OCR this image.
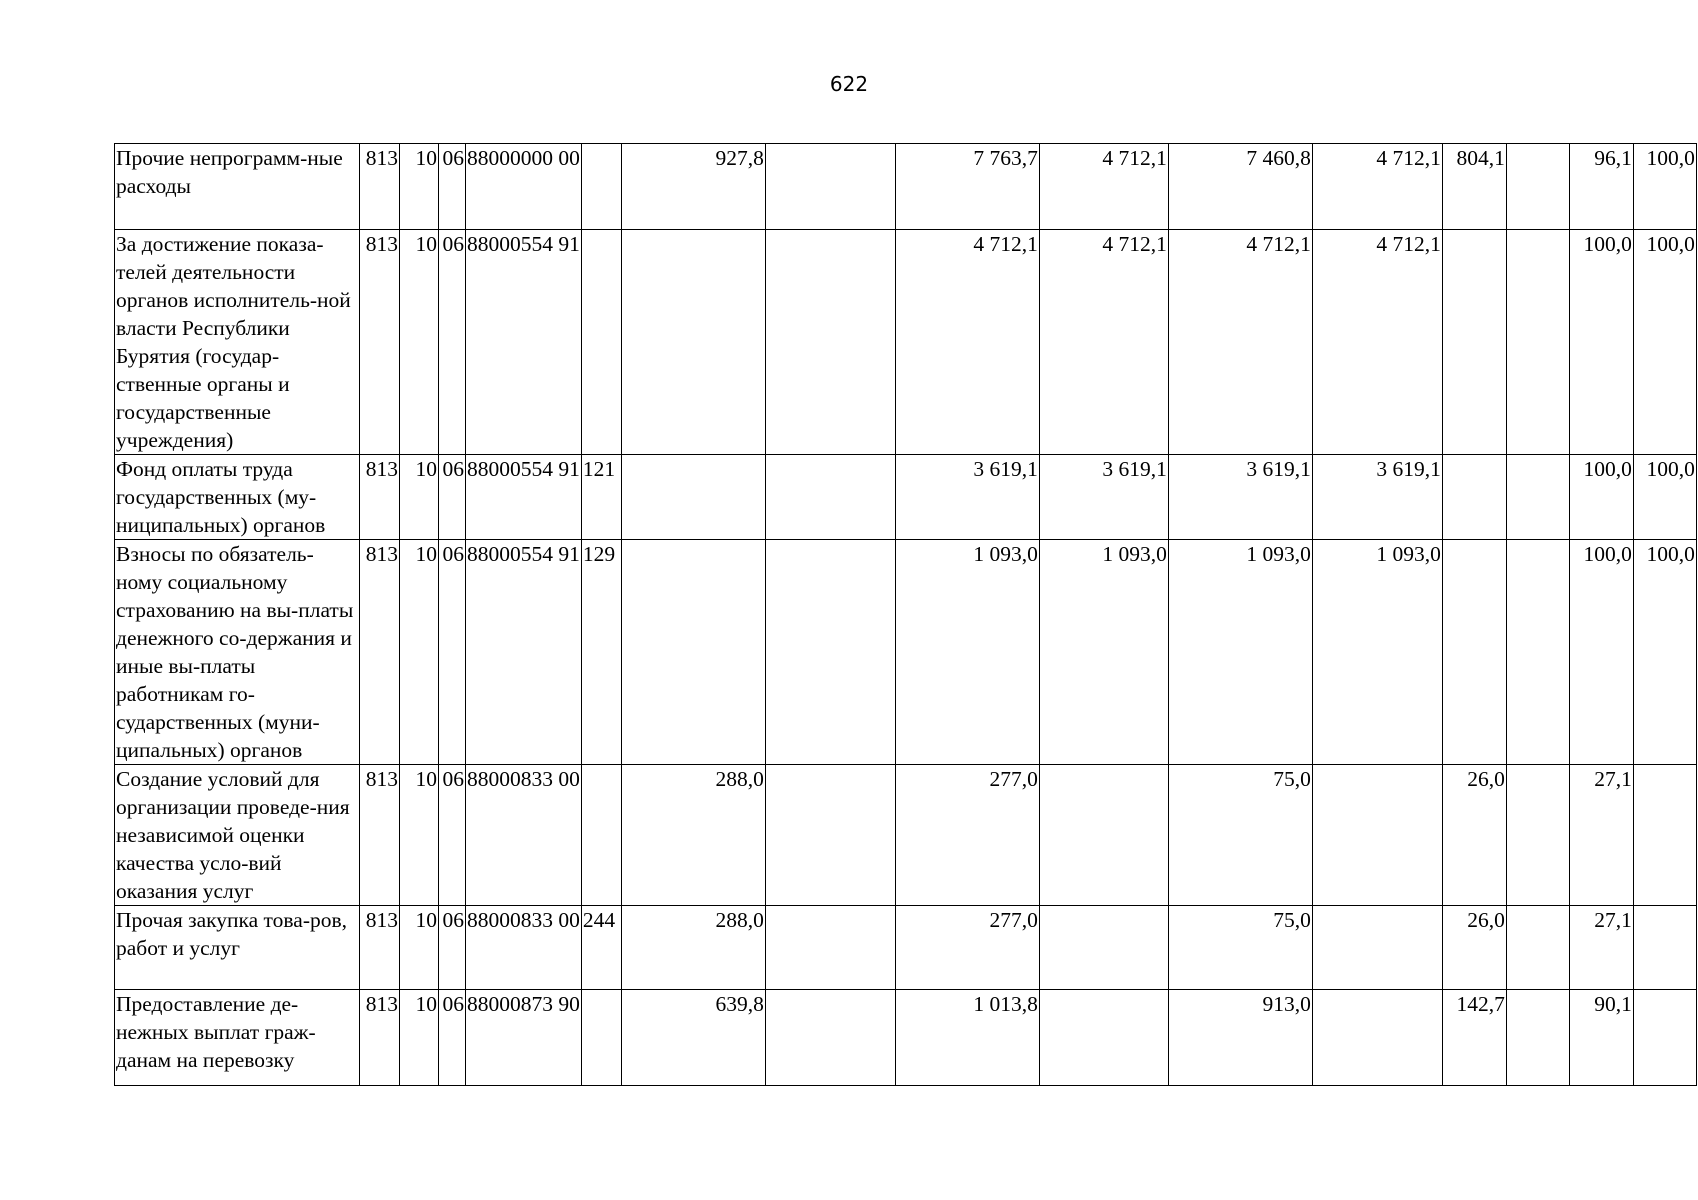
622
Прочие непрограмм-ные расходы	813	10	06	88000000 00		927,8		7 763,7	4 712,1	7 460,8	4 712,1	804,1		96,1	100,0
За достижение показа-телей деятельности органов исполнитель-ной власти Республики Бурятия (государ-ственные органы и государственные учреждения)	813	10	06	88000554 91				4 712,1	4 712,1	4 712,1	4 712,1			100,0	100,0
Фонд оплаты труда государственных (му-ниципальных) органов	813	10	06	88000554 91	121			3 619,1	3 619,1	3 619,1	3 619,1			100,0	100,0
Взносы по обязатель-ному социальному страхованию на вы-платы денежного со-держания и иные вы-платы работникам го-сударственных (муни-ципальных) органов	813	10	06	88000554 91	129			1 093,0	1 093,0	1 093,0	1 093,0			100,0	100,0
Создание условий для организации проведе-ния независимой оценки качества усло-вий оказания услуг	813	10	06	88000833 00		288,0		277,0		75,0		26,0		27,1	
Прочая закупка това-ров, работ и услуг	813	10	06	88000833 00	244	288,0		277,0		75,0		26,0		27,1	
Предоставление де-нежных выплат граж-данам на перевозку	813	10	06	88000873 90		639,8		1 013,8		913,0		142,7		90,1	
